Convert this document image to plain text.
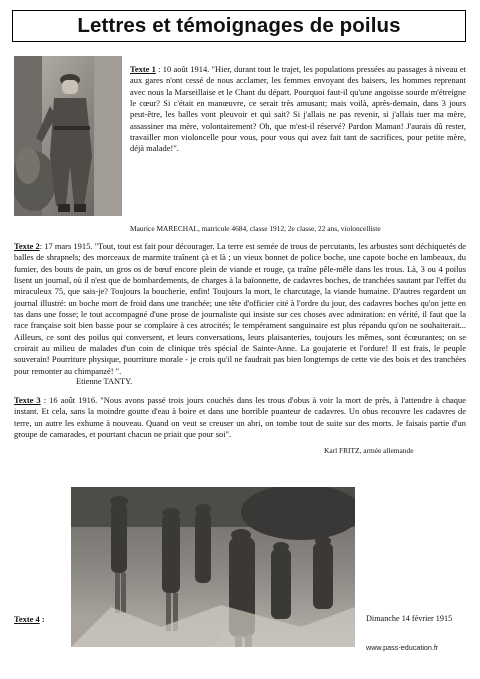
Lettres et témoignages de poilus

Texte 1 : 10 août 1914. "Hier, durant tout le trajet, les populations pressées au passages à niveau et aux gares n'ont cessé de nous acclamer, les femmes envoyant des baisers, les hommes reprenant avec nous la Marseillaise et le Chant du départ. Pourquoi faut-il qu'une angoisse sourde m'étreigne le cœur? Si c'était en manœuvre, ce serait très amusant; mais voilà, après-demain, dans 3 jours peut-être, les balles vont pleuvoir et qui sait? Si j'allais ne pas revenir, si j'allais tuer ma mère, assassiner ma mère, volontairement? Oh, que m'est-il réservé? Pardon Maman! J'aurais dû rester, travailler mon violoncelle pour vous, pour vous qui avez fait tant de sacrifices, pour petite mère, déjà malade!".

Maurice MARECHAL, matricule 4684, classe 1912, 2e classe, 22 ans, violoncelliste

Texte 2: 17 mars 1915. "Tout, tout est fait pour décourager. La terre est semée de trous de percutants, les arbustes sont déchiquetés de balles de shrapnels; des morceaux de marmite traînent çà et là ; un vieux bonnet de police boche, une capote boche en lambeaux, du fumier, des bouts de pain, un gros os de bœuf encore plein de viande et rouge, ça traîne pêle-mêle dans les trous. Là, 3 ou 4 poilus lisent un journal, où il n'est que de bombardements, de charges à la baïonnette, de cadavres boches, de tranchées sautant par l'effet du miraculeux 75, que sais-je? Toujours la boucherie, enfin! Toujours la mort, le charcutage, la viande humaine. D'autres regardent un journal illustré: un boche mort de froid dans une tranchée; une tête d'officier cité à l'ordre du jour, des cadavres boches qu'on jette en tas dans une fosse; le tout accompagné d'une prose de journaliste qui insiste sur ces choses avec admiration: en vérité, il faut que la race française soit bien basse pour se complaire à ces atrocités; le tempérament sanguinaire est plus répandu qu'on ne souhaiterait... Ailleurs, ce sont des poilus qui conversent, et leurs conversations, leurs plaisanteries, toujours les mêmes, sont écœurantes; on se croirait au milieu de malades d'un coin de clinique très spécial de Sainte-Anne. La goujaterie et l'ordure! Il est frais, le peuple souverain! Pourriture physique, pourriture morale - je crois qu'il ne faudrait pas bien longtemps de cette vie des bois et des tranchées pour remonter au chimpanzé! ".

Etienne TANTY.

Texte 3 : 16 août 1916. "Nous avons passé trois jours couchés dans les trous d'obus à voir la mort de près, à l'attendre à chaque instant. Et cela, sans la moindre goutte d'eau à boire et dans une horrible puanteur de cadavres. Un obus recouvre les cadavres de terre, un autre les exhume à nouveau. Quand on veut se creuser un abri, on tombe tout de suite sur des morts. Je faisais partie d'un groupe de camarades, et pourtant chacun ne priait que pour soi".

Karl FRITZ, armée allemande

Texte 4 :	Dimanche 14 février 1915
www.pass-education.fr
